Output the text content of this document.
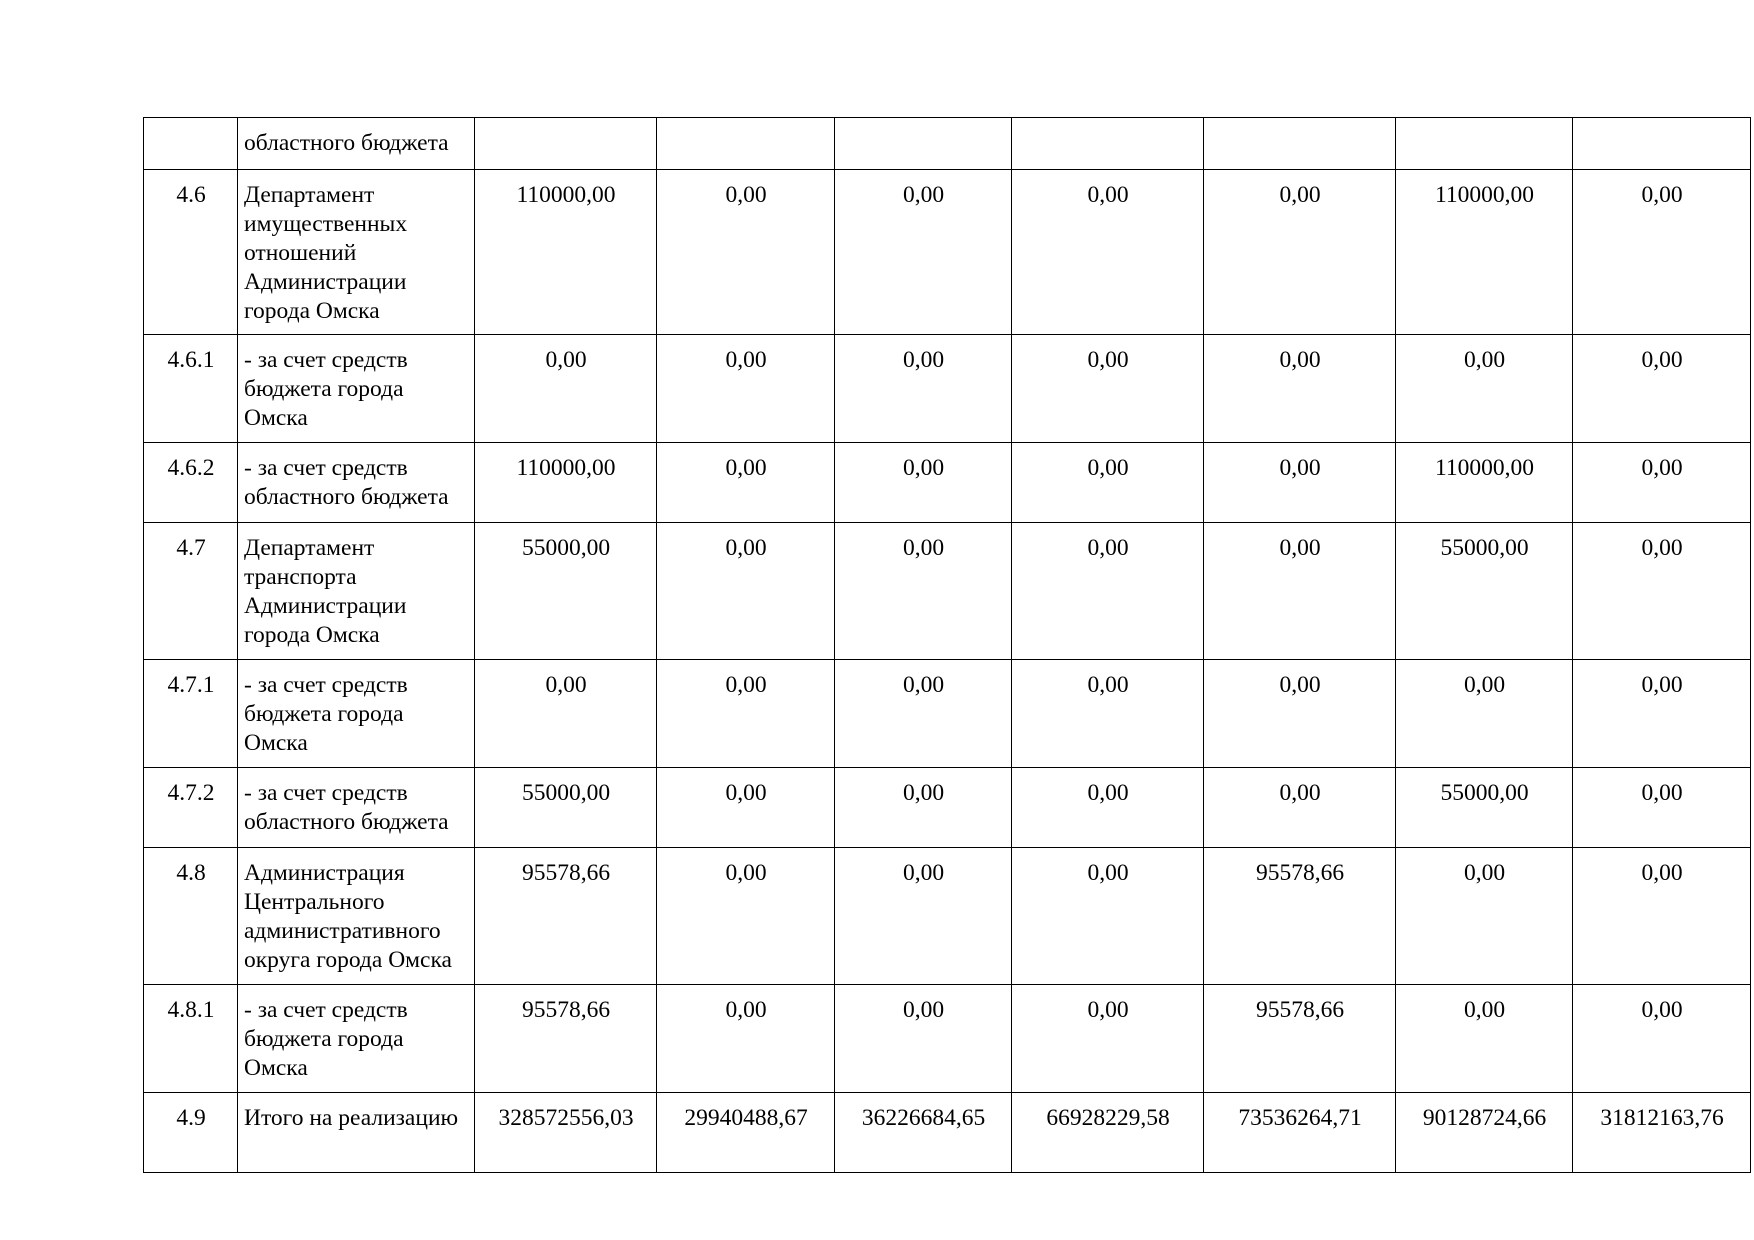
	областного бюджета							
4.6	Департамент имущественных отношений Администрации города Омска	110000,00	0,00	0,00	0,00	0,00	110000,00	0,00
4.6.1	- за счет средств бюджета города Омска	0,00	0,00	0,00	0,00	0,00	0,00	0,00
4.6.2	- за счет средств областного бюджета	110000,00	0,00	0,00	0,00	0,00	110000,00	0,00
4.7	Департамент транспорта Администрации города Омска	55000,00	0,00	0,00	0,00	0,00	55000,00	0,00
4.7.1	- за счет средств бюджета города Омска	0,00	0,00	0,00	0,00	0,00	0,00	0,00
4.7.2	- за счет средств областного бюджета	55000,00	0,00	0,00	0,00	0,00	55000,00	0,00
4.8	Администрация Центрального административного округа города Омска	95578,66	0,00	0,00	0,00	95578,66	0,00	0,00
4.8.1	- за счет средств бюджета города Омска	95578,66	0,00	0,00	0,00	95578,66	0,00	0,00
4.9	Итого на реализацию	328572556,03	29940488,67	36226684,65	66928229,58	73536264,71	90128724,66	31812163,76
